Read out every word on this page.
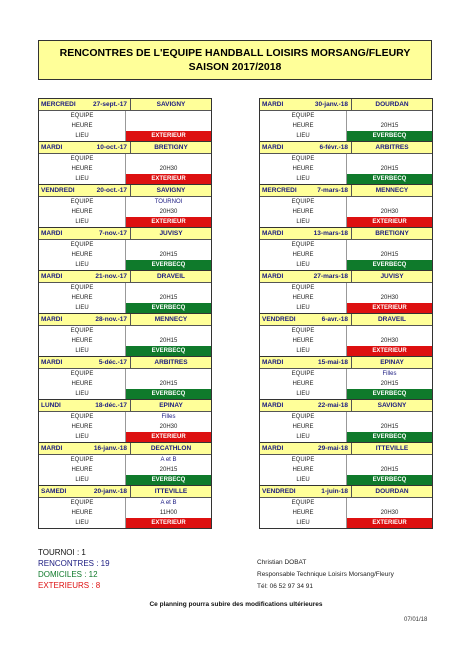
RENCONTRES DE L'EQUIPE HANDBALL LOISIRS MORSANG/FLEURY
SAISON 2017/2018
MERCREDI	27-sept.-17	SAVIGNY
EQUIPE
HEURE
LIEU	EXTERIEUR
MARDI	10-oct.-17	BRETIGNY
EQUIPE
HEURE	20H30
LIEU	EXTERIEUR
VENDREDI	20-oct.-17	SAVIGNY
EQUIPE	TOURNOI
HEURE	20H30
LIEU	EXTERIEUR
MARDI	7-nov.-17	JUVISY
EQUIPE
HEURE	20H15
LIEU	EVERBECQ
MARDI	21-nov.-17	DRAVEIL
EQUIPE
HEURE	20H15
LIEU	EVERBECQ
MARDI	28-nov.-17	MENNECY
EQUIPE
HEURE	20H15
LIEU	EVERBECQ
MARDI	5-déc.-17	ARBITRES
EQUIPE
HEURE	20H15
LIEU	EVERBECQ
LUNDI	18-déc.-17	EPINAY
EQUIPE	Filles
HEURE	20H30
LIEU	EXTERIEUR
MARDI	16-janv.-18	DECATHLON
EQUIPE	A et B
HEURE	20H15
LIEU	EVERBECQ
SAMEDI	20-janv.-18	ITTEVILLE
EQUIPE	A et B
HEURE	11H00
LIEU	EXTERIEUR
MARDI	30-janv.-18	DOURDAN
EQUIPE
HEURE	20H15
LIEU	EVERBECQ
MARDI	6-févr.-18	ARBITRES
EQUIPE
HEURE	20H15
LIEU	EVERBECQ
MERCREDI	7-mars-18	MENNECY
EQUIPE
HEURE	20H30
LIEU	EXTERIEUR
MARDI	13-mars-18	BRETIGNY
EQUIPE
HEURE	20H15
LIEU	EVERBECQ
MARDI	27-mars-18	JUVISY
EQUIPE
HEURE	20H30
LIEU	EXTERIEUR
VENDREDI	6-avr.-18	DRAVEIL
EQUIPE
HEURE	20H30
LIEU	EXTERIEUR
MARDI	15-mai-18	EPINAY
EQUIPE	Filles
HEURE	20H15
LIEU	EVERBECQ
MARDI	22-mai-18	SAVIGNY
EQUIPE
HEURE	20H15
LIEU	EVERBECQ
MARDI	29-mai-18	ITTEVILLE
EQUIPE
HEURE	20H15
LIEU	EVERBECQ
VENDREDI	1-juin-18	DOURDAN
EQUIPE
HEURE	20H30
LIEU	EXTERIEUR
TOURNOI : 1
RENCONTRES : 19
DOMICILES : 12
EXTERIEURS : 8
Christian DOBAT
Responsable Technique Loisirs Morsang/Fleury
Tél: 06 52 97 34 91
Ce planning pourra subire des modifications ultérieures
07/01/18
